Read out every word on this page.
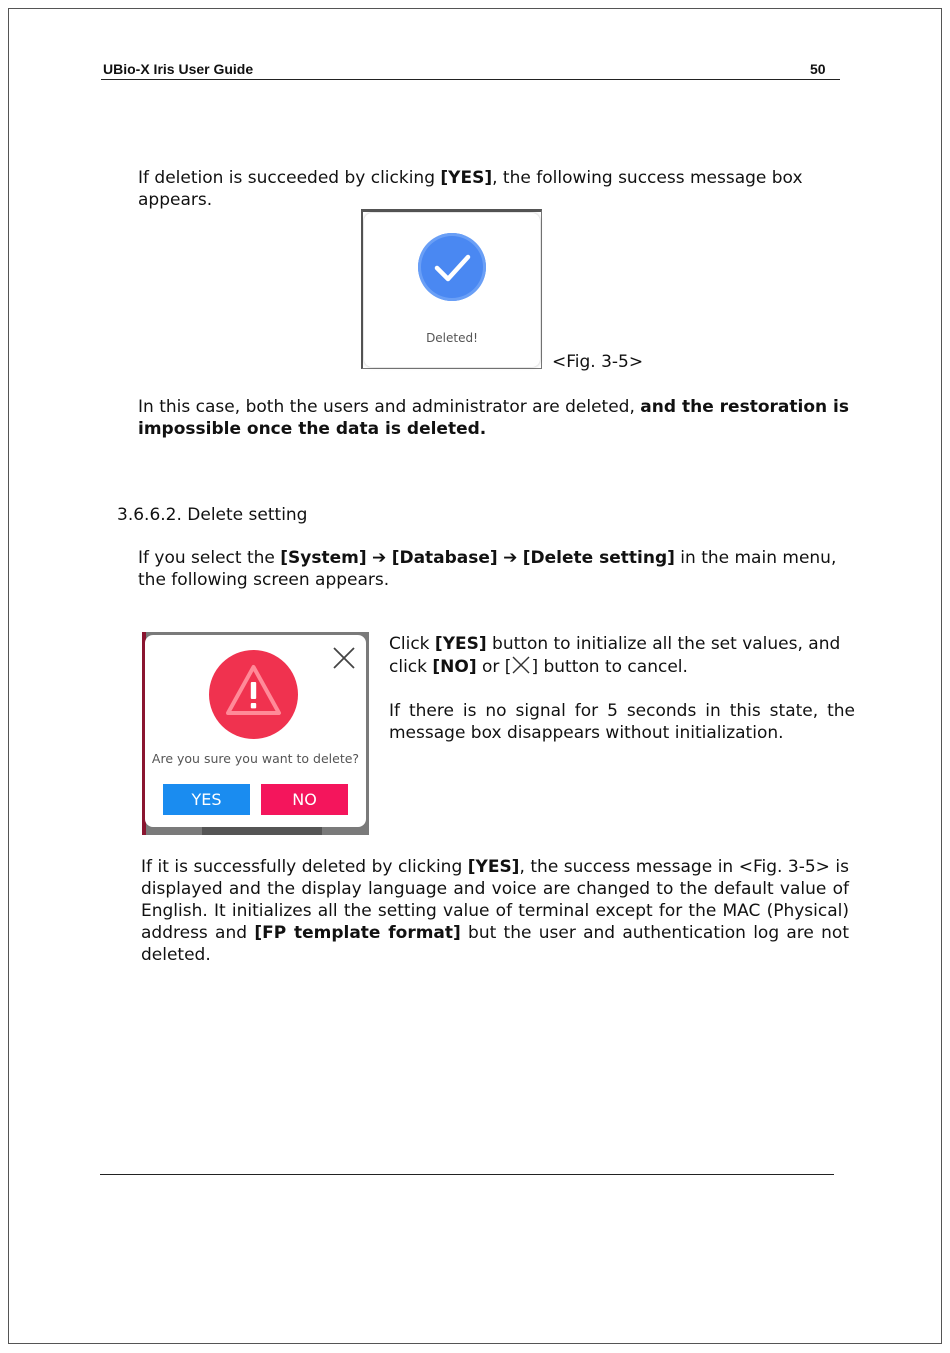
UBio-X Iris User Guide	50
If deletion is succeeded by clicking [YES], the following success message box appears.
Deleted!
<Fig. 3-5>
In this case, both the users and administrator are deleted, and the restoration is impossible once the data is deleted.
3.6.6.2. Delete setting
If you select the [System] ➔ [Database] ➔ [Delete setting] in the main menu, the following screen appears.
Are you sure you want to delete?
YES	NO
Click [YES] button to initialize all the set values, and click [NO] or [ ] button to cancel.
If there is no signal for 5 seconds in this state, the message box disappears without initialization.
If it is successfully deleted by clicking [YES], the success message in <Fig. 3-5> is displayed and the display language and voice are changed to the default value of English. It initializes all the setting value of terminal except for the MAC (Physical) address and [FP template format] but the user and authentication log are not deleted.
